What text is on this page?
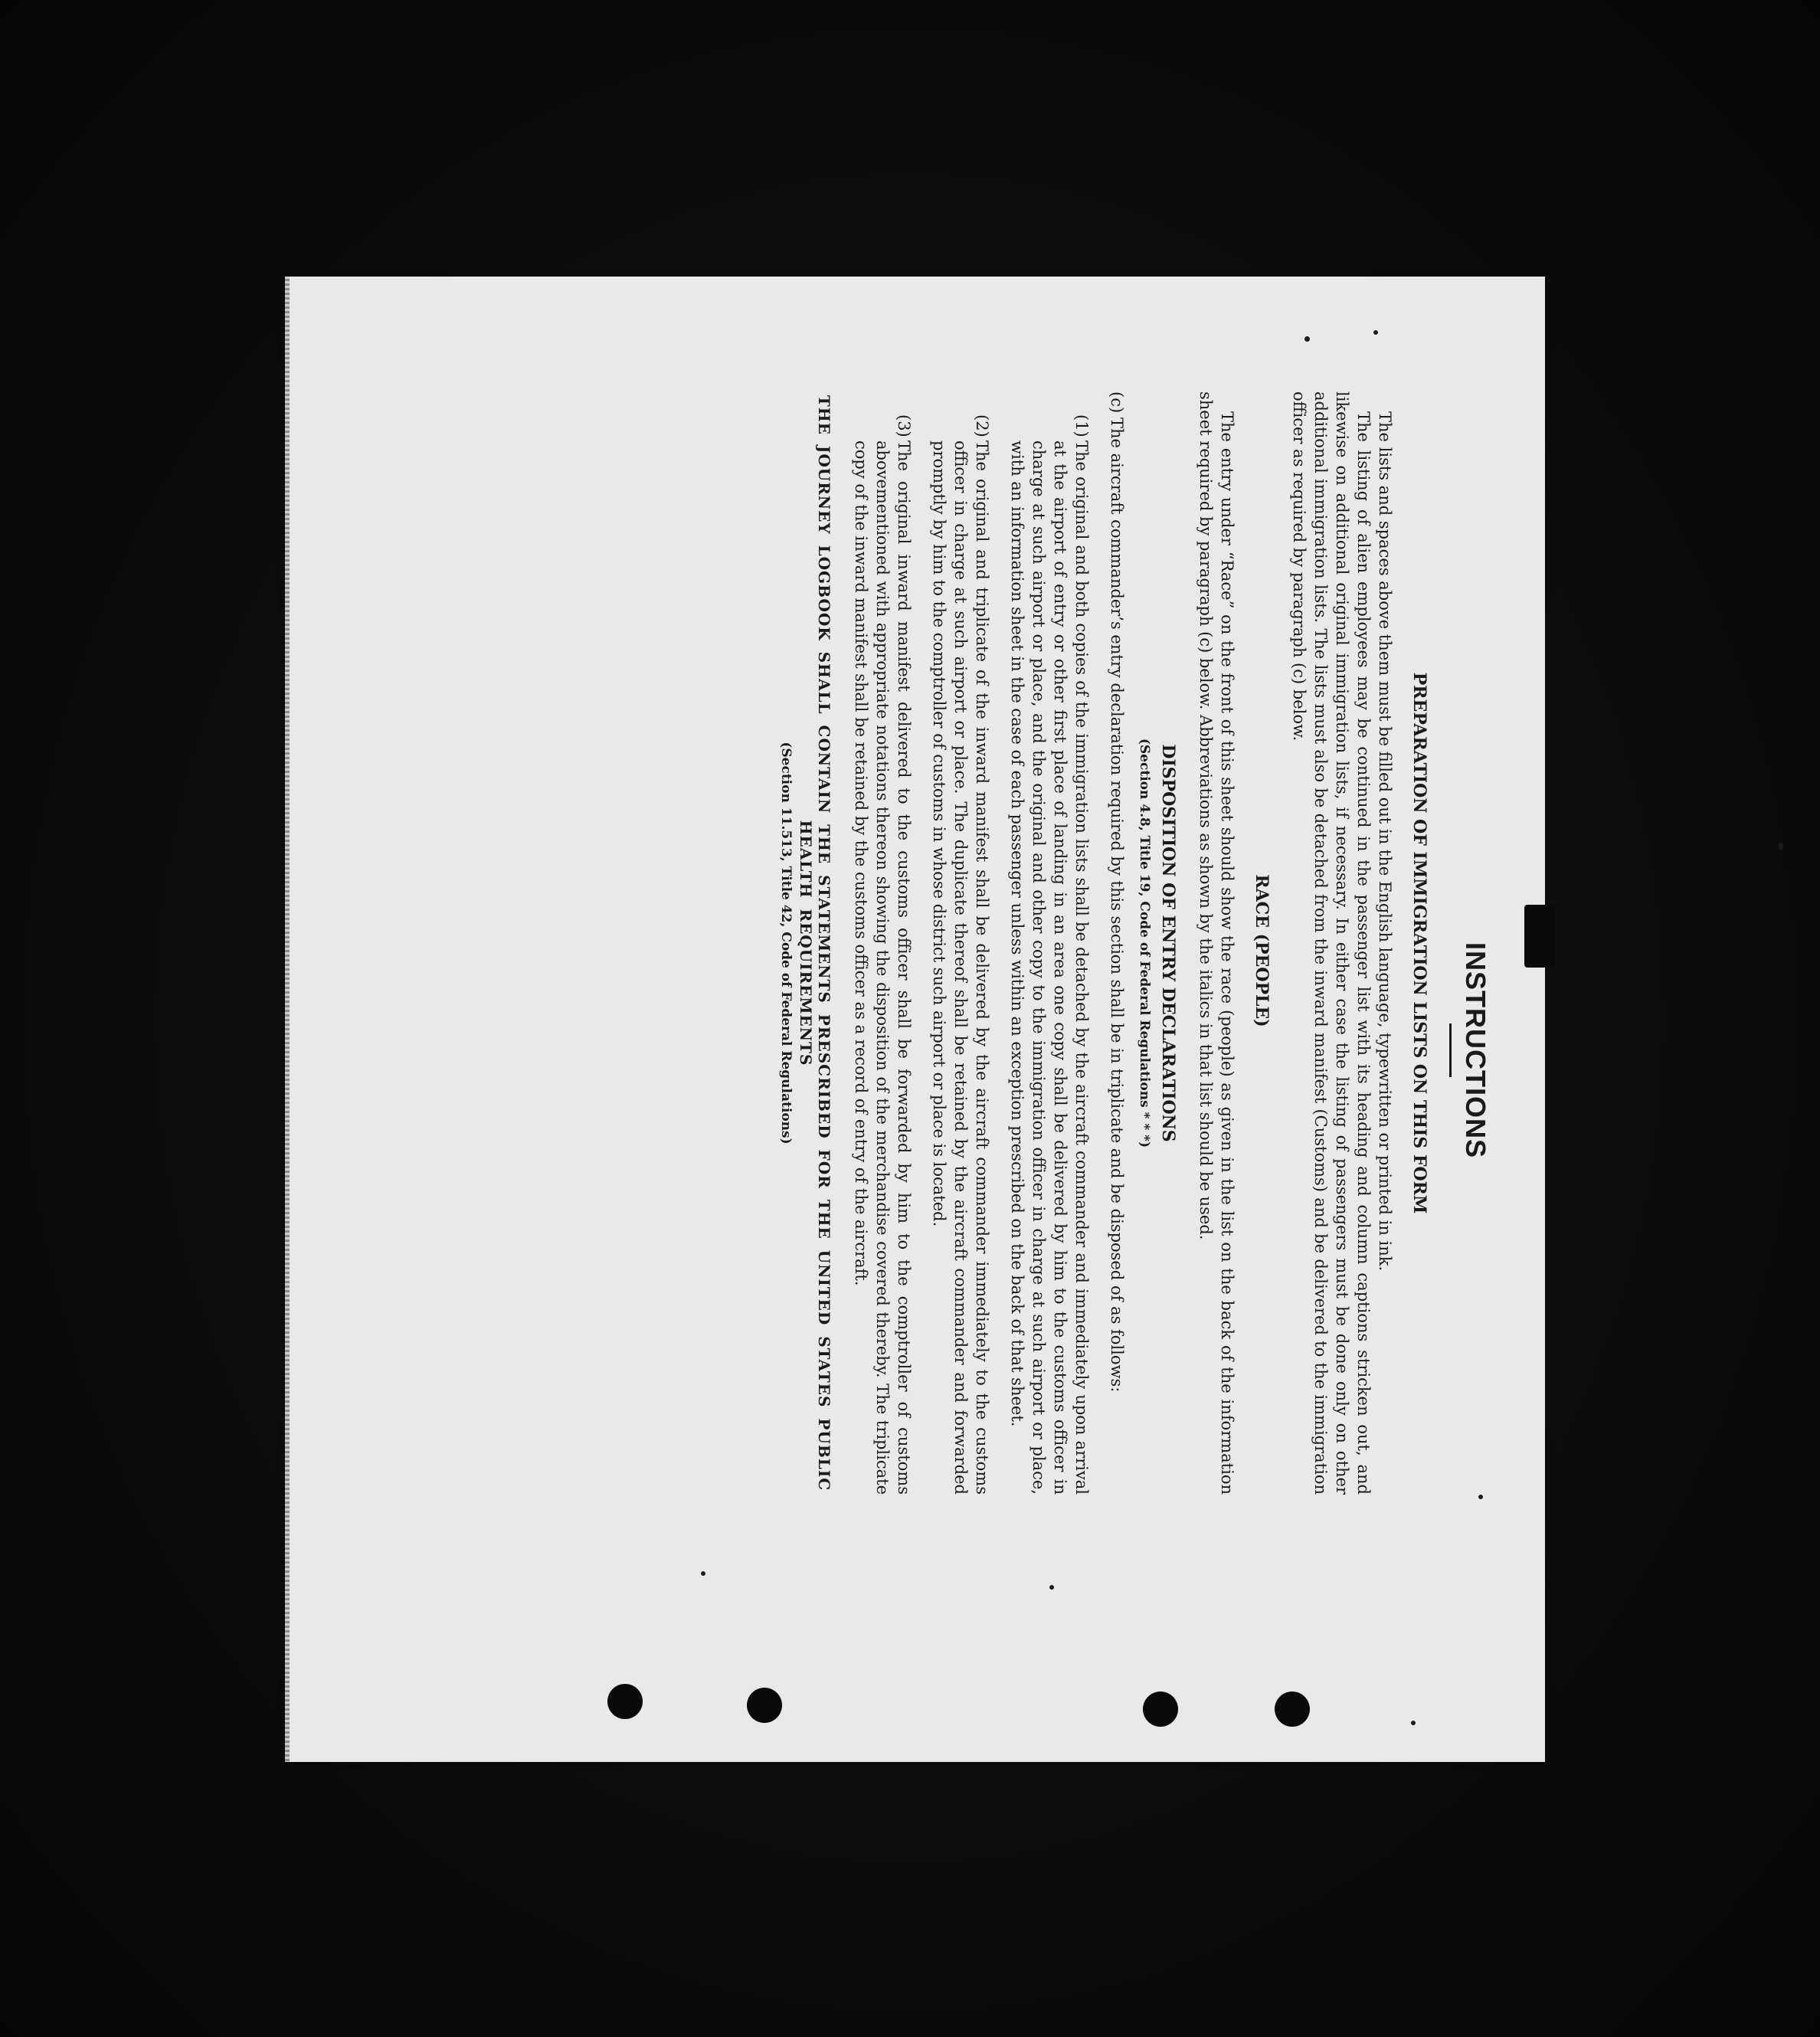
INSTRUCTIONS
PREPARATION OF IMMIGRATION LISTS ON THIS FORM

The lists and spaces above them must be filled out in the English language, typewritten or printed in ink.

The listing of alien employees may be continued in the passenger list with its heading and column captions stricken out, and likewise on additional original immigration lists, if necessary. In either case the listing of passengers must be done only on other additional immigration lists. The lists must also be detached from the inward manifest (Customs) and be delivered to the immigration officer as required by paragraph (c) below.

RACE (PEOPLE)

The entry under “Race” on the front of this sheet should show the race (people) as given in the list on the back of the information sheet required by paragraph (c) below. Abbreviations as shown by the italics in that list should be used.

DISPOSITION OF ENTRY DECLARATIONS
(Section 4.8, Title 19, Code of Federal Regulations * * *)
(c)
The aircraft commander’s entry declaration required by this section shall be in triplicate and be disposed of as follows:
(1)
The original and both copies of the immigration lists shall be detached by the aircraft commander and immediately upon arrival at the airport of entry or other first place of landing in an area one copy shall be delivered by him to the customs officer in charge at such airport or place, and the original and other copy to the immigration officer in charge at such airport or place, with an information sheet in the case of each passenger unless within an exception prescribed on the back of that sheet.
(2)
The original and triplicate of the inward manifest shall be delivered by the aircraft commander immediately to the customs officer in charge at such airport or place. The duplicate thereof shall be retained by the aircraft commander and forwarded promptly by him to the comptroller of customs in whose district such airport or place is located.
(3)
The original inward manifest delivered to the customs officer shall be forwarded by him to the comptroller of customs abovementioned with appropriate notations thereon showing the disposition of the merchandise covered thereby. The triplicate copy of the inward manifest shall be retained by the customs officer as a record of entry of the aircraft.
THE JOURNEY LOGBOOK SHALL CONTAIN THE STATEMENTS PRESCRIBED FOR THE UNITED STATES PUBLIC HEALTH REQUIREMENTS
(Section 11.513, Title 42, Code of Federal Regulations)
